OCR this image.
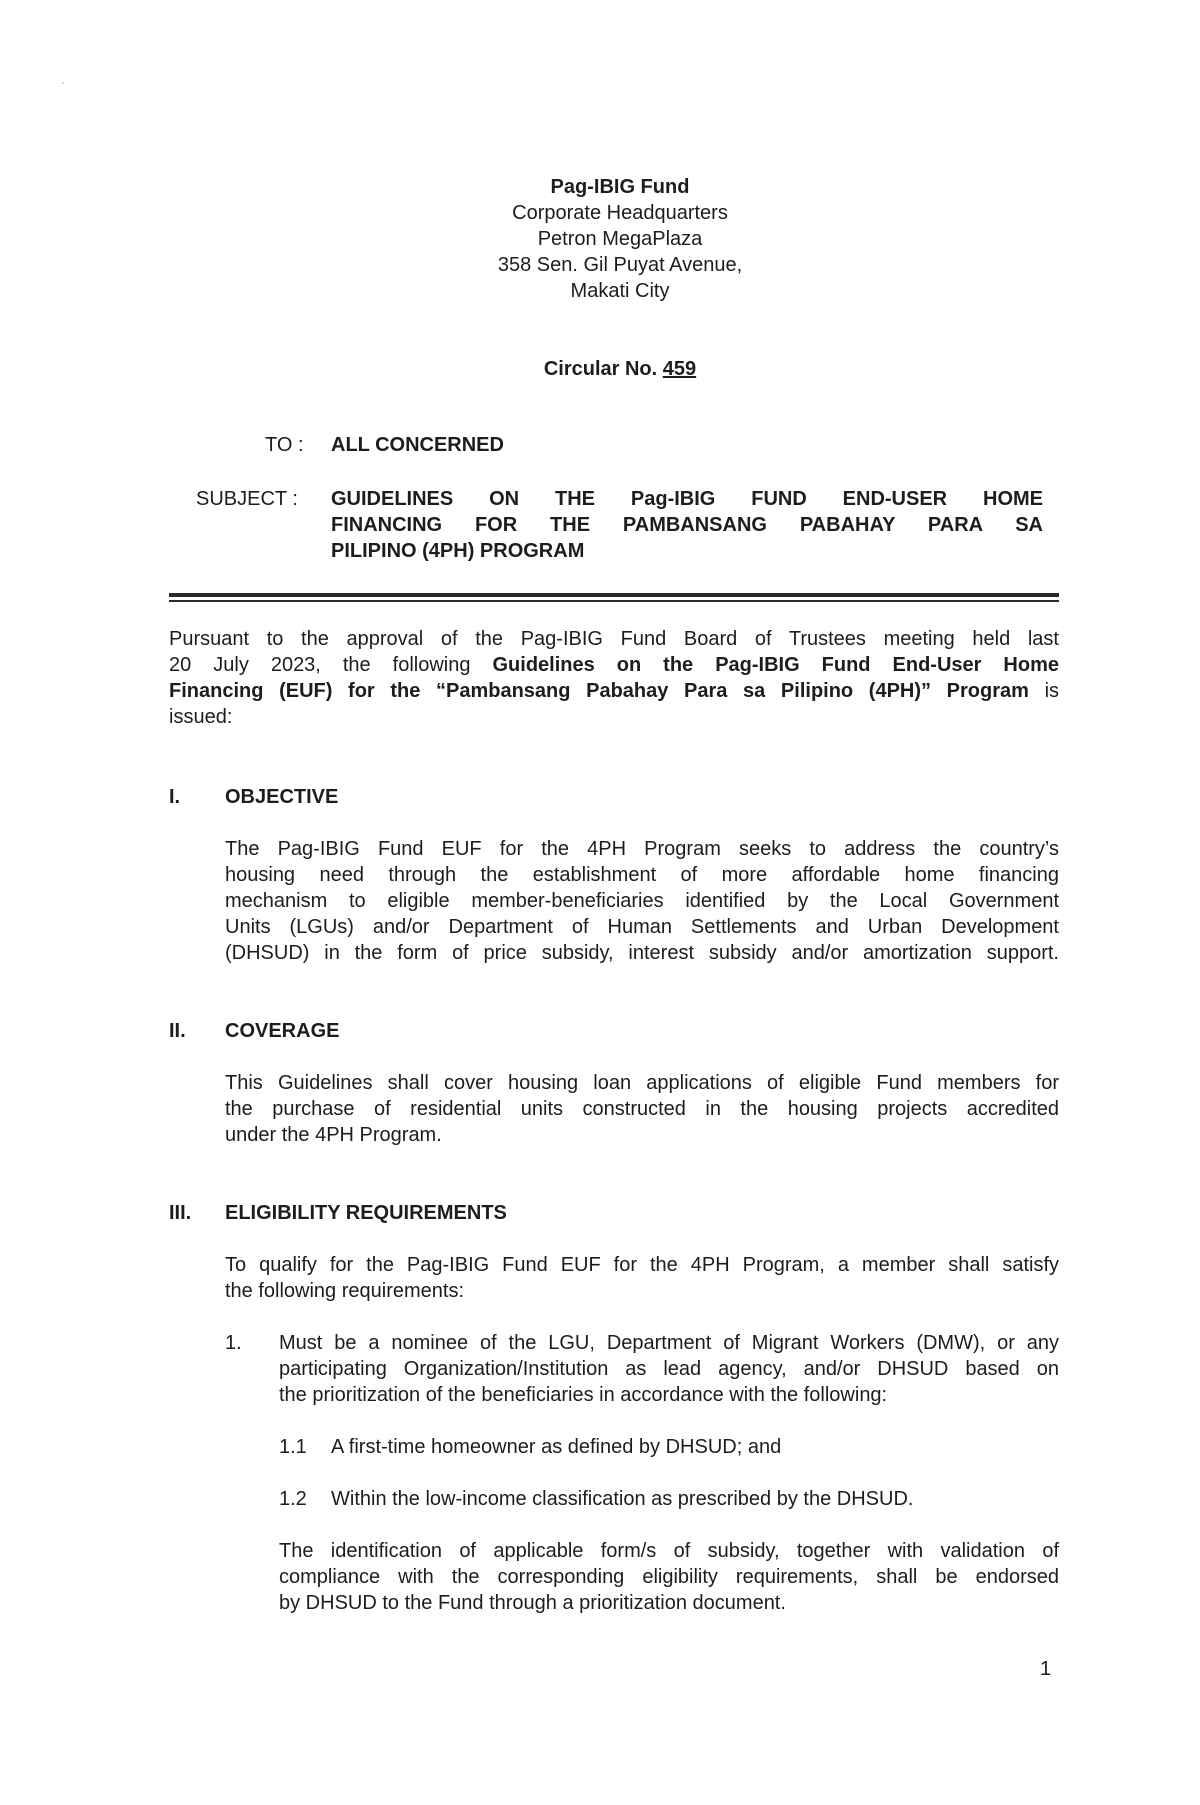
Pag-IBIG Fund
Corporate Headquarters
Petron MegaPlaza
358 Sen. Gil Puyat Avenue,
Makati City
Circular No. 459
TO : ALL CONCERNED
SUBJECT : GUIDELINES ON THE Pag-IBIG FUND END-USER HOME
FINANCING FOR THE PAMBANSANG PABAHAY PARA SA
PILIPINO (4PH) PROGRAM
Pursuant to the approval of the Pag-IBIG Fund Board of Trustees meeting held last
20 July 2023, the following Guidelines on the Pag-IBIG Fund End-User Home
Financing (EUF) for the “Pambansang Pabahay Para sa Pilipino (4PH)” Program is
issued:
I. OBJECTIVE
The Pag-IBIG Fund EUF for the 4PH Program seeks to address the country’s
housing need through the establishment of more affordable home financing
mechanism to eligible member-beneficiaries identified by the Local Government
Units (LGUs) and/or Department of Human Settlements and Urban Development
(DHSUD) in the form of price subsidy, interest subsidy and/or amortization support.
II. COVERAGE
This Guidelines shall cover housing loan applications of eligible Fund members for
the purchase of residential units constructed in the housing projects accredited
under the 4PH Program.
III. ELIGIBILITY REQUIREMENTS
To qualify for the Pag-IBIG Fund EUF for the 4PH Program, a member shall satisfy
the following requirements:
1. Must be a nominee of the LGU, Department of Migrant Workers (DMW), or any
participating Organization/Institution as lead agency, and/or DHSUD based on
the prioritization of the beneficiaries in accordance with the following:
1.1 A first-time homeowner as defined by DHSUD; and
1.2 Within the low-income classification as prescribed by the DHSUD.
The identification of applicable form/s of subsidy, together with validation of
compliance with the corresponding eligibility requirements, shall be endorsed
by DHSUD to the Fund through a prioritization document.
1
